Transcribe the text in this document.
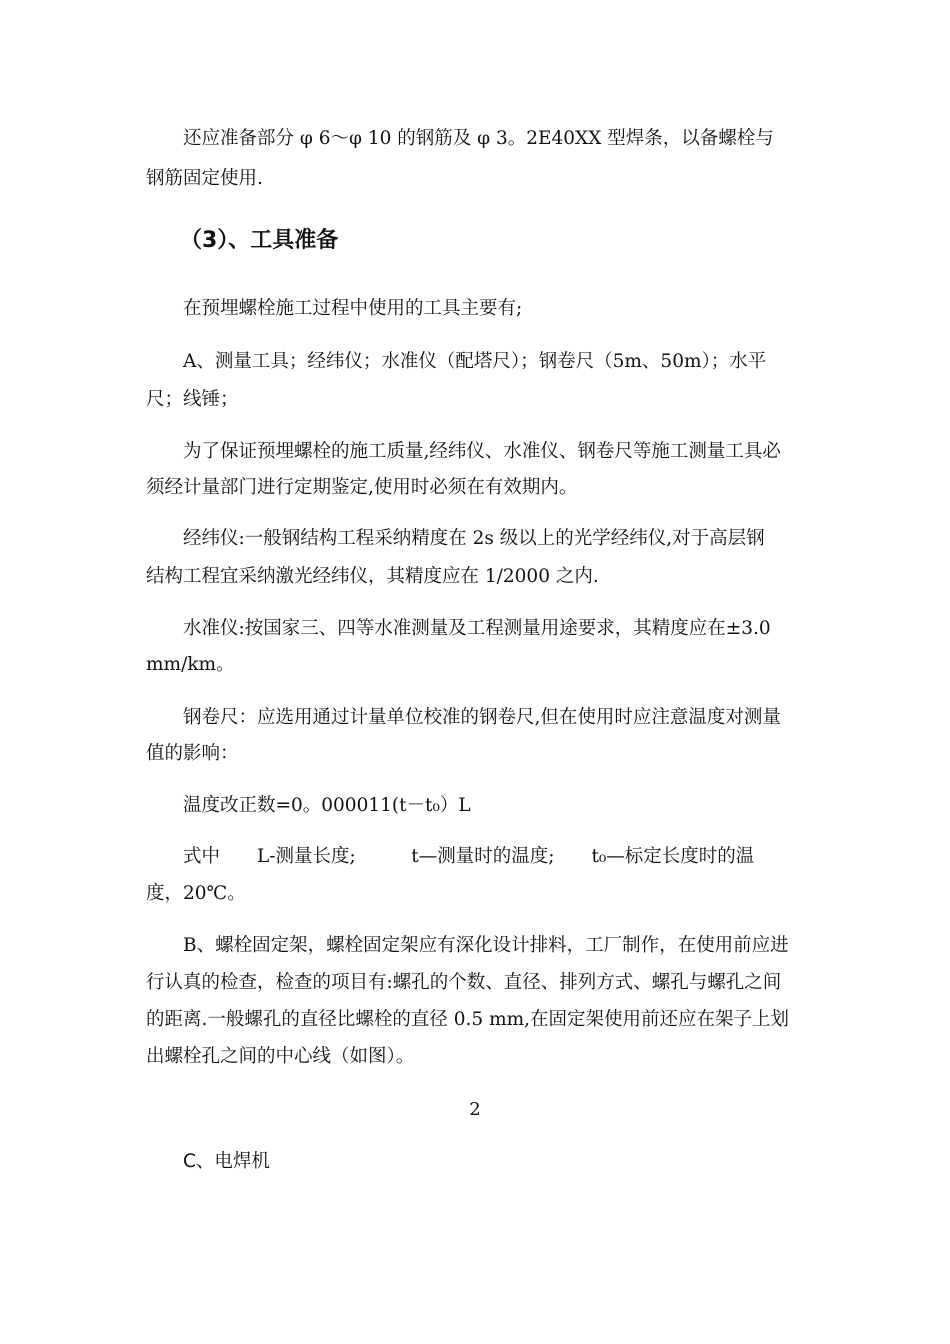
还应准备部分 φ 6～φ 10 的钢筋及 φ 3。2E40XX 型焊条，以备螺栓与
钢筋固定使用.
（3）、工具准备
在预埋螺栓施工过程中使用的工具主要有;
A、测量工具；经纬仪；水准仪（配塔尺）；钢卷尺（5m、50m）；水平
尺；线锤；
为了保证预埋螺栓的施工质量,经纬仪、水准仪、钢卷尺等施工测量工具必
须经计量部门进行定期鉴定,使用时必须在有效期内。
经纬仪:一般钢结构工程采纳精度在 2s 级以上的光学经纬仪,对于高层钢
结构工程宜采纳激光经纬仪，其精度应在 1/2000 之内.
水准仪:按国家三、四等水准测量及工程测量用途要求，其精度应在±3.0
mm/km。
钢卷尺：应选用通过计量单位校准的钢卷尺,但在使用时应注意温度对测量
值的影响：
温度改正数=0。000011(t－t₀）L
式中　　L-测量长度;　　　t—测量时的温度;　　t₀—标定长度时的温
度，20℃。
B、螺栓固定架，螺栓固定架应有深化设计排料，工厂制作，在使用前应进
行认真的检查，检查的项目有:螺孔的个数、直径、排列方式、螺孔与螺孔之间
的距离.一般螺孔的直径比螺栓的直径 0.5 mm,在固定架使用前还应在架子上划
出螺栓孔之间的中心线（如图）。
2
C、电焊机
